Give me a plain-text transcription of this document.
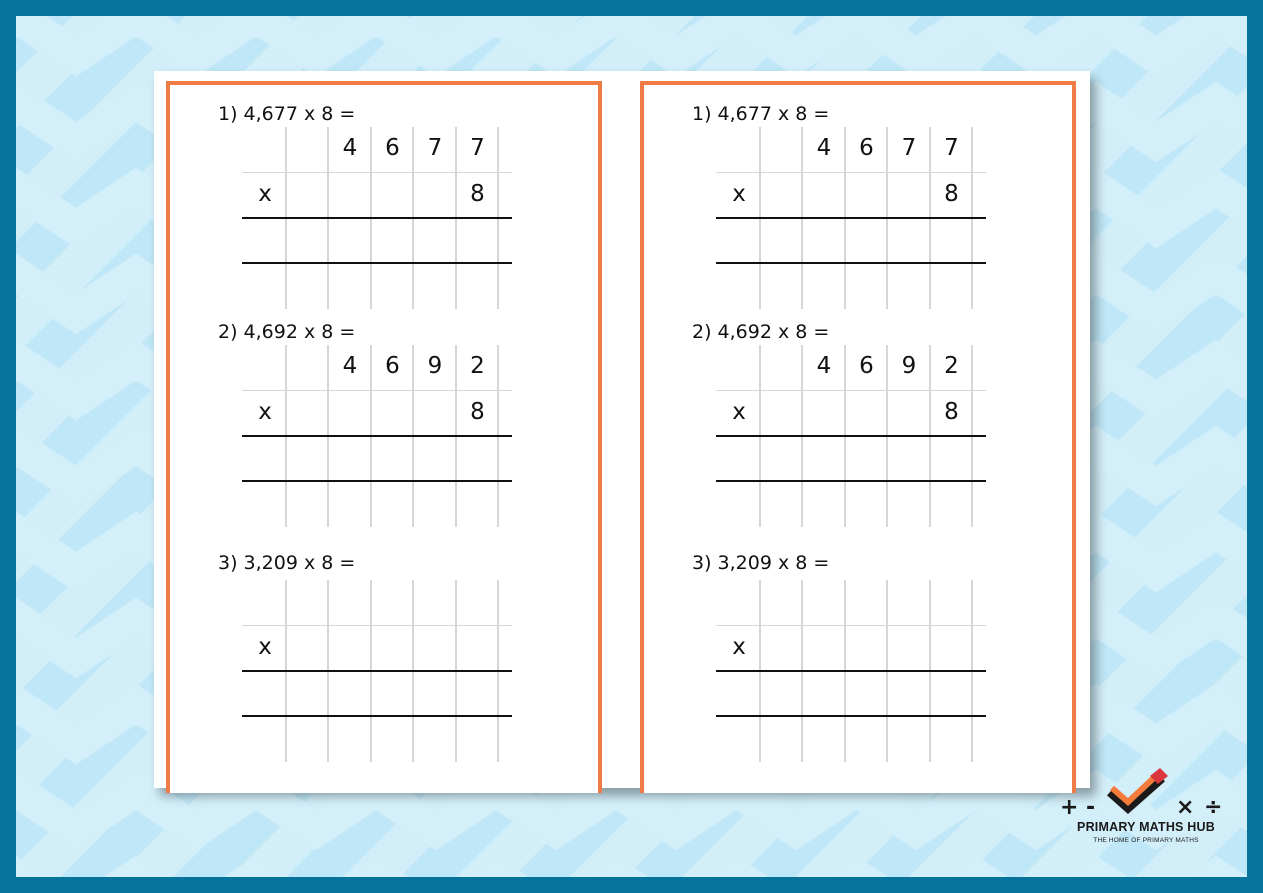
1) 4,677 x 8 =
4	6	7	7
x	8
2) 4,692 x 8 =
4	6	9	2
x	8
3) 3,209 x 8 =
x
1) 4,677 x 8 =
4	6	7	7
x	8
2) 4,692 x 8 =
4	6	9	2
x	8
3) 3,209 x 8 =
x
+ -	× ÷
PRIMARY MATHS HUB
THE HOME OF PRIMARY MATHS
